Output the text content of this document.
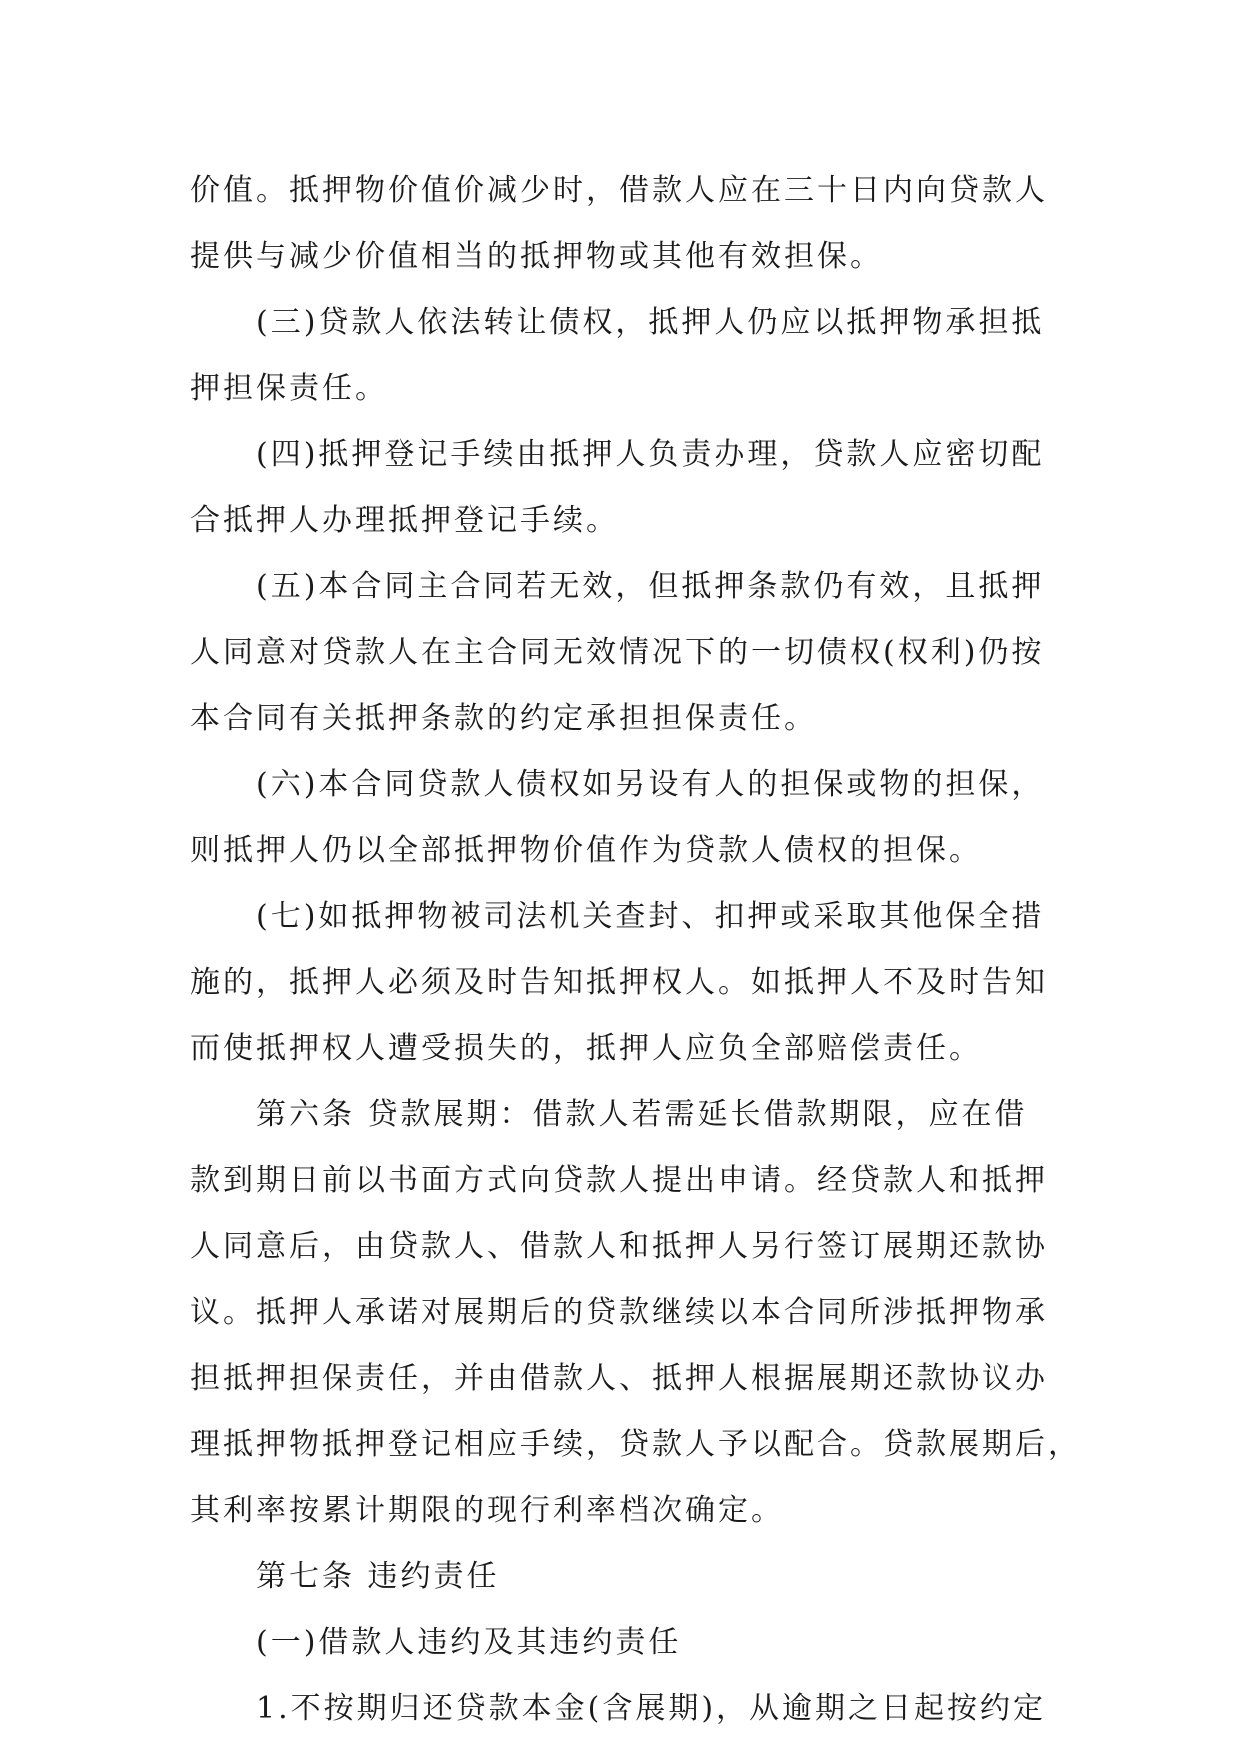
价值。抵押物价值价减少时，借款人应在三十日内向贷款人
提供与减少价值相当的抵押物或其他有效担保。
(三)贷款人依法转让债权，抵押人仍应以抵押物承担抵
押担保责任。
(四)抵押登记手续由抵押人负责办理，贷款人应密切配
合抵押人办理抵押登记手续。
(五)本合同主合同若无效，但抵押条款仍有效，且抵押
人同意对贷款人在主合同无效情况下的一切债权(权利)仍按
本合同有关抵押条款的约定承担担保责任。
(六)本合同贷款人债权如另设有人的担保或物的担保，
则抵押人仍以全部抵押物价值作为贷款人债权的担保。
(七)如抵押物被司法机关查封、扣押或采取其他保全措
施的，抵押人必须及时告知抵押权人。如抵押人不及时告知
而使抵押权人遭受损失的，抵押人应负全部赔偿责任。
第六条 贷款展期：借款人若需延长借款期限，应在借
款到期日前以书面方式向贷款人提出申请。经贷款人和抵押
人同意后，由贷款人、借款人和抵押人另行签订展期还款协
议。抵押人承诺对展期后的贷款继续以本合同所涉抵押物承
担抵押担保责任，并由借款人、抵押人根据展期还款协议办
理抵押物抵押登记相应手续，贷款人予以配合。贷款展期后，
其利率按累计期限的现行利率档次确定。
第七条 违约责任
(一)借款人违约及其违约责任
1.不按期归还贷款本金(含展期)，从逾期之日起按约定
